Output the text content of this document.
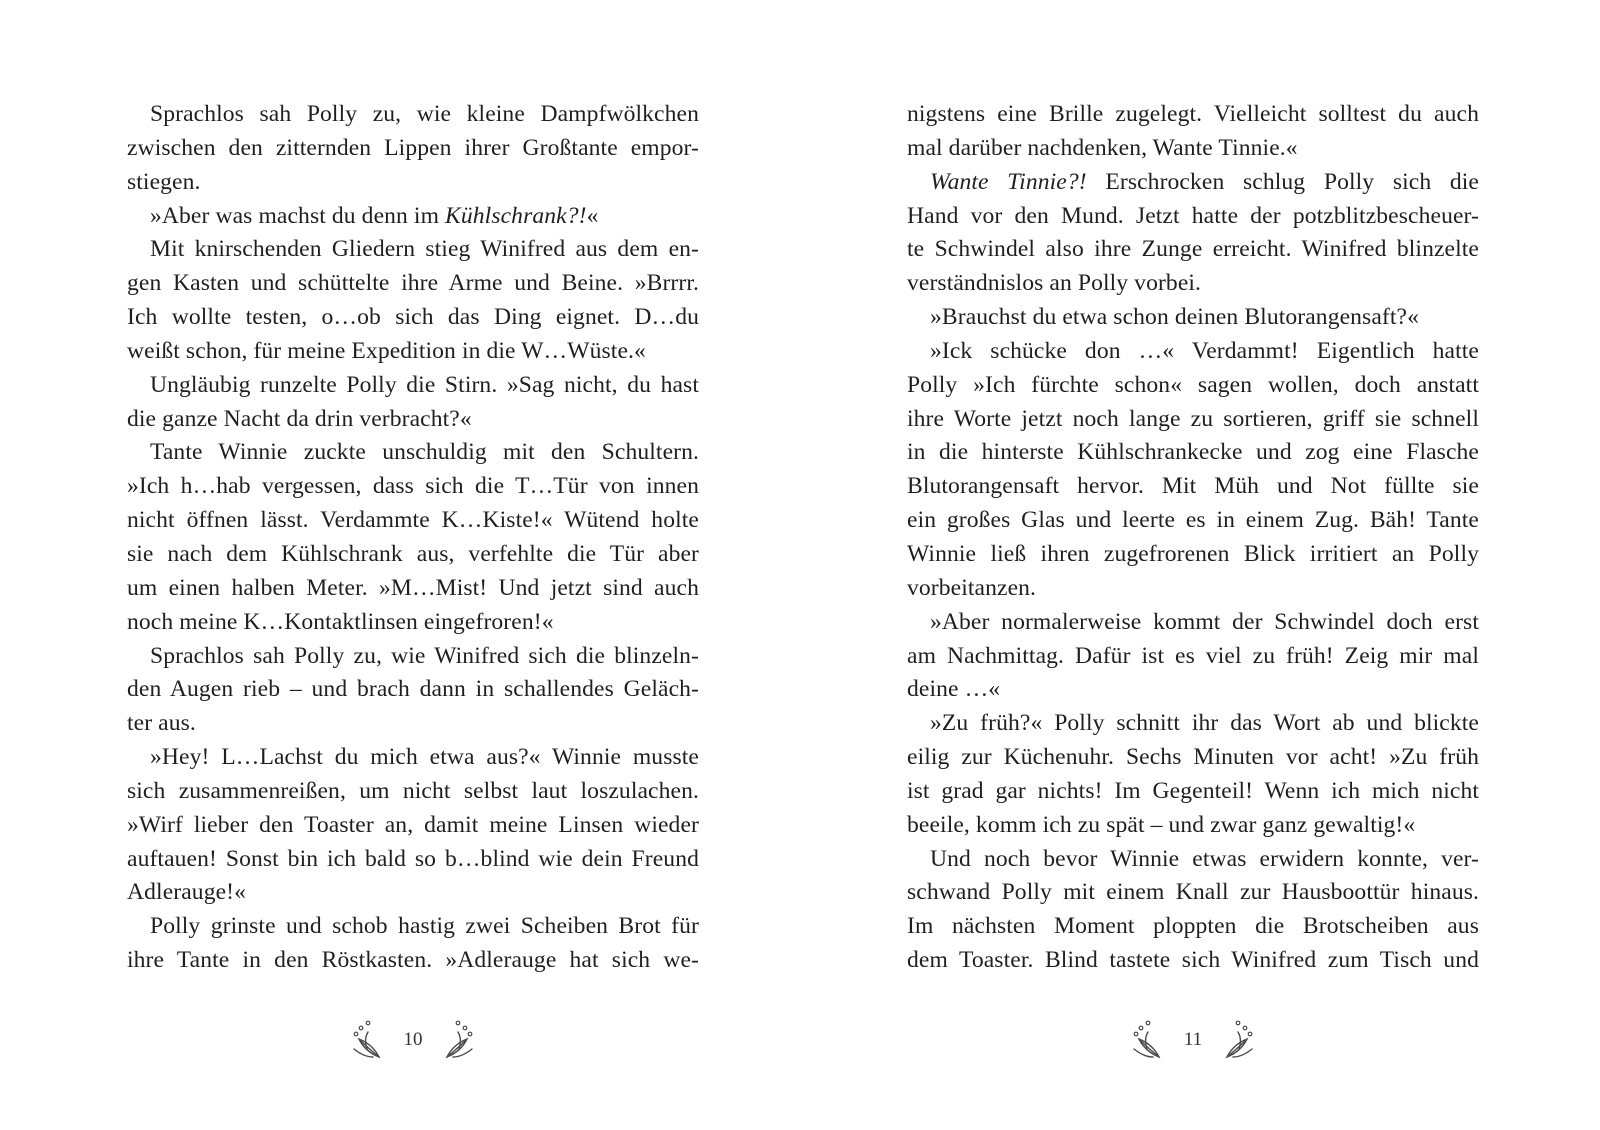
Sprachlos sah Polly zu, wie kleine Dampfwölkchen
zwischen den zitternden Lippen ihrer Großtante empor-
stiegen.
»Aber was machst du denn im Kühlschrank?!«
Mit knirschenden Gliedern stieg Winifred aus dem en-
gen Kasten und schüttelte ihre Arme und Beine. »Brrrr.
Ich wollte testen, o…ob sich das Ding eignet. D…du
weißt schon, für meine Expedition in die W…Wüste.«
Ungläubig runzelte Polly die Stirn. »Sag nicht, du hast
die ganze Nacht da drin verbracht?«
Tante Winnie zuckte unschuldig mit den Schultern.
»Ich h…hab vergessen, dass sich die T…Tür von innen
nicht öffnen lässt. Verdammte K…Kiste!« Wütend holte
sie nach dem Kühlschrank aus, verfehlte die Tür aber
um einen halben Meter. »M…Mist! Und jetzt sind auch
noch meine K…Kontaktlinsen eingefroren!«
Sprachlos sah Polly zu, wie Winifred sich die blinzeln-
den Augen rieb – und brach dann in schallendes Geläch-
ter aus.
»Hey! L…Lachst du mich etwa aus?« Winnie musste
sich zusammenreißen, um nicht selbst laut loszulachen.
»Wirf lieber den Toaster an, damit meine Linsen wieder
auftauen! Sonst bin ich bald so b…blind wie dein Freund
Adlerauge!«
Polly grinste und schob hastig zwei Scheiben Brot für
ihre Tante in den Röstkasten. »Adlerauge hat sich we-
nigstens eine Brille zugelegt. Vielleicht solltest du auch
mal darüber nachdenken, Wante Tinnie.«
Wante Tinnie?! Erschrocken schlug Polly sich die
Hand vor den Mund. Jetzt hatte der potzblitzbescheuer-
te Schwindel also ihre Zunge erreicht. Winifred blinzelte
verständnislos an Polly vorbei.
»Brauchst du etwa schon deinen Blutorangensaft?«
»Ick schücke don …« Verdammt! Eigentlich hatte
Polly »Ich fürchte schon« sagen wollen, doch anstatt
ihre Worte jetzt noch lange zu sortieren, griff sie schnell
in die hinterste Kühlschrankecke und zog eine Flasche
Blutorangensaft hervor. Mit Müh und Not füllte sie
ein großes Glas und leerte es in einem Zug. Bäh! Tante
Winnie ließ ihren zugefrorenen Blick irritiert an Polly
vorbeitanzen.
»Aber normalerweise kommt der Schwindel doch erst
am Nachmittag. Dafür ist es viel zu früh! Zeig mir mal
deine …«
»Zu früh?« Polly schnitt ihr das Wort ab und blickte
eilig zur Küchenuhr. Sechs Minuten vor acht! »Zu früh
ist grad gar nichts! Im Gegenteil! Wenn ich mich nicht
beeile, komm ich zu spät – und zwar ganz gewaltig!«
Und noch bevor Winnie etwas erwidern konnte, ver-
schwand Polly mit einem Knall zur Hausboottür hinaus.
Im nächsten Moment ploppten die Brotscheiben aus
dem Toaster. Blind tastete sich Winifred zum Tisch und
10	11
